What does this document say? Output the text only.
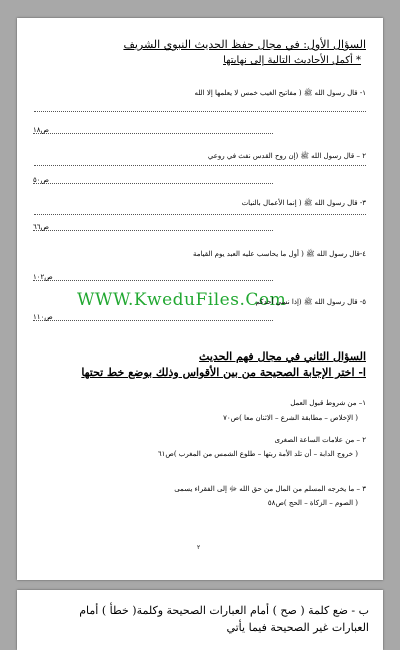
السؤال الأول: في مجال حفظ الحديث النبوي الشريف
* أكمل الأحاديث التالية إلى نهايتها
١- قال رسول الله ﷺ ( مفاتيح الغيب خمس لا يعلمها إلا الله
ص١٨
٢ – قال رسول الله ﷺ (إن روح القدس نفث في روعي
ص٥٠
٣- قال رسول الله ﷺ ( إنما الأعمال بالنيات
ص٦٦
٤-قال رسول الله ﷺ ( أول ما يحاسب عليه العبد يوم القيامة
ص١٠٢
WWW.KweduFiles.Com
٥- قال رسول الله ﷺ (إذا نسي أحدكم
ص١١٠
السؤال الثاني في مجال فهم الحديث
ا- اختر الإجابة الصحيحة من بين الأقواس وذلك بوضع خط تحتها
١– من شروط قبول العمل
( الإخلاص – مطابقة الشرع – الاثنان معا )ص٧٠
٢ – من علامات الساعة الصغرى
( خروج الدابة – أن تلد الأمة ربتها – طلوع الشمس من المغرب )ص٦١
٣ – ما يخرجه المسلم من المال من حق الله ﷻ إلى الفقراء يسمى
( الصوم – الزكاة – الحج )ص٥٨
٢
ب - ضع كلمة ( صح ) أمام العبارات الصحيحة وكلمة( خطأ ) أمام
العبارات غير الصحيحة فيما يأتي
